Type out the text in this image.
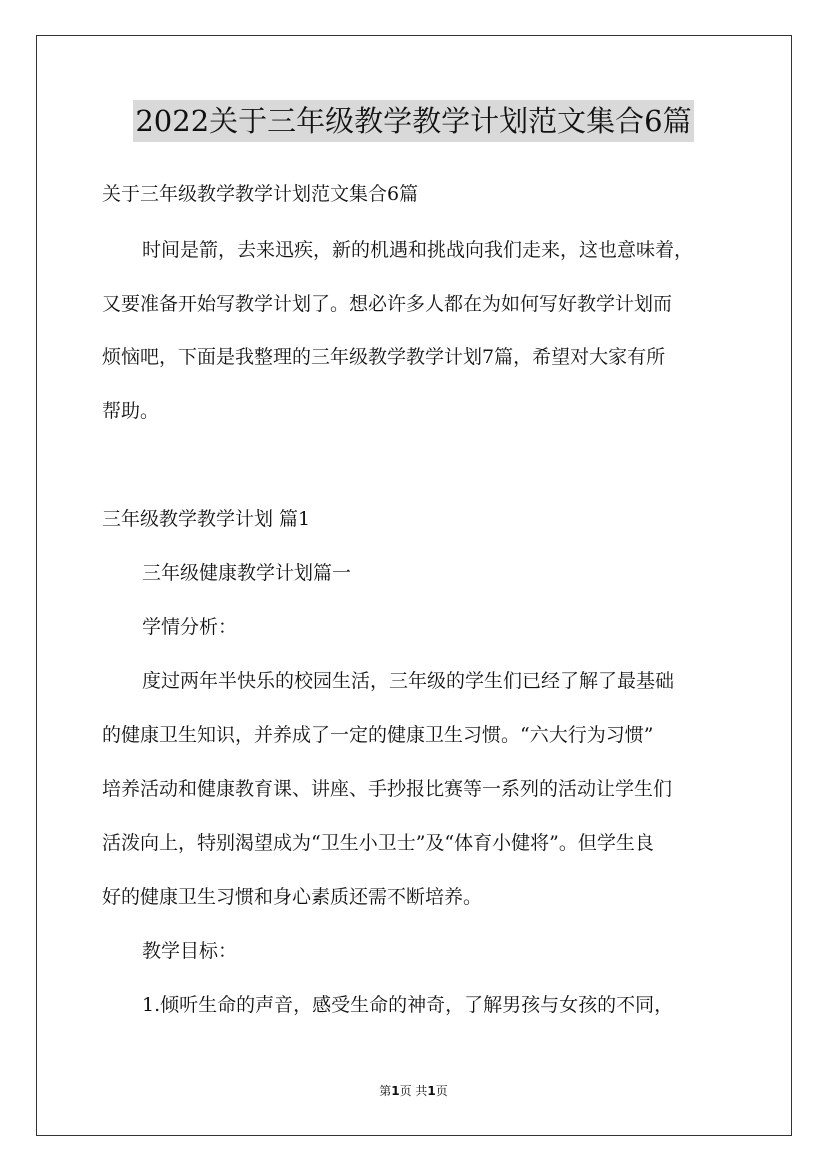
2022关于三年级教学教学计划范文集合6篇
关于三年级教学教学计划范文集合6篇
时间是箭，去来迅疾，新的机遇和挑战向我们走来，这也意味着，
又要准备开始写教学计划了。想必许多人都在为如何写好教学计划而
烦恼吧，下面是我整理的三年级教学教学计划7篇，希望对大家有所
帮助。
三年级教学教学计划 篇1
三年级健康教学计划篇一
学情分析：
度过两年半快乐的校园生活，三年级的学生们已经了解了最基础
的健康卫生知识，并养成了一定的健康卫生习惯。“六大行为习惯”
培养活动和健康教育课、讲座、手抄报比赛等一系列的活动让学生们
活泼向上，特别渴望成为“卫生小卫士”及“体育小健将”。但学生良
好的健康卫生习惯和身心素质还需不断培养。
教学目标：
1.倾听生命的声音，感受生命的神奇，了解男孩与女孩的不同，
第1页 共1页
